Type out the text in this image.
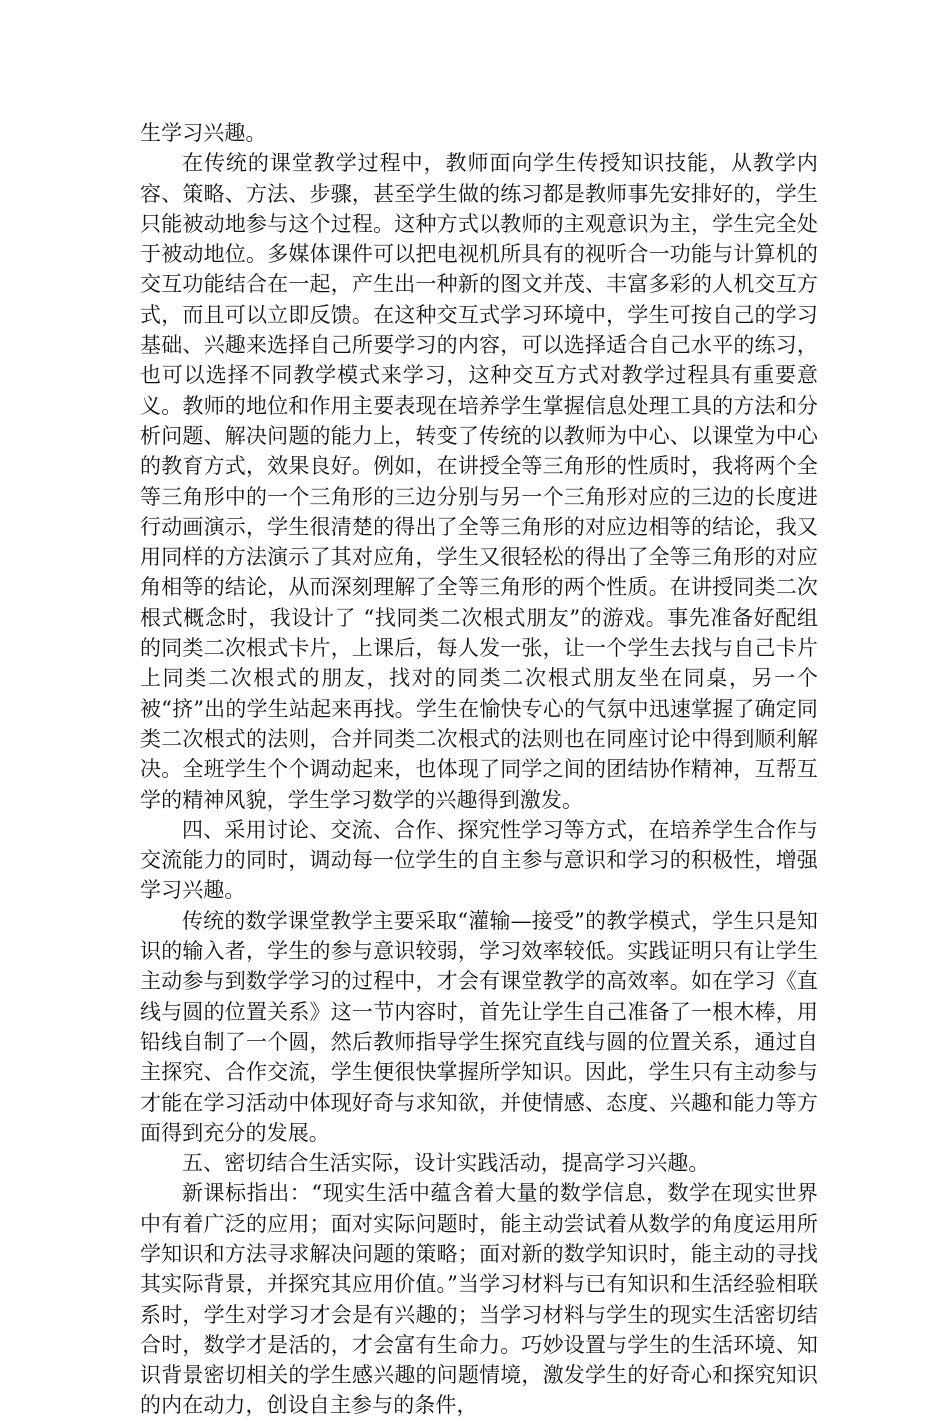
生学习兴趣。

在传统的课堂教学过程中，教师面向学生传授知识技能，从教学内容、策略、方法、步骤，甚至学生做的练习都是教师事先安排好的，学生只能被动地参与这个过程。这种方式以教师的主观意识为主，学生完全处于被动地位。多媒体课件可以把电视机所具有的视听合一功能与计算机的交互功能结合在一起，产生出一种新的图文并茂、丰富多彩的人机交互方式，而且可以立即反馈。在这种交互式学习环境中，学生可按自己的学习基础、兴趣来选择自己所要学习的内容，可以选择适合自己水平的练习，也可以选择不同教学模式来学习，这种交互方式对教学过程具有重要意义。教师的地位和作用主要表现在培养学生掌握信息处理工具的方法和分析问题、解决问题的能力上，转变了传统的以教师为中心、以课堂为中心的教育方式，效果良好。例如，在讲授全等三角形的性质时，我将两个全等三角形中的一个三角形的三边分别与另一个三角形对应的三边的长度进行动画演示，学生很清楚的得出了全等三角形的对应边相等的结论，我又用同样的方法演示了其对应角，学生又很轻松的得出了全等三角形的对应角相等的结论，从而深刻理解了全等三角形的两个性质。在讲授同类二次根式概念时，我设计了 “找同类二次根式朋友”的游戏。事先准备好配组的同类二次根式卡片，上课后，每人发一张，让一个学生去找与自己卡片上同类二次根式的朋友，找对的同类二次根式朋友坐在同桌，另一个被“挤”出的学生站起来再找。学生在愉快专心的气氛中迅速掌握了确定同类二次根式的法则，合并同类二次根式的法则也在同座讨论中得到顺利解决。全班学生个个调动起来，也体现了同学之间的团结协作精神，互帮互学的精神风貌，学生学习数学的兴趣得到激发。

四、采用讨论、交流、合作、探究性学习等方式，在培养学生合作与交流能力的同时，调动每一位学生的自主参与意识和学习的积极性，增强学习兴趣。

传统的数学课堂教学主要采取“灌输—接受”的教学模式，学生只是知识的输入者，学生的参与意识较弱，学习效率较低。实践证明只有让学生主动参与到数学学习的过程中，才会有课堂教学的高效率。如在学习《直线与圆的位置关系》这一节内容时，首先让学生自己准备了一根木棒，用铅线自制了一个圆，然后教师指导学生探究直线与圆的位置关系，通过自主探究、合作交流，学生便很快掌握所学知识。因此，学生只有主动参与才能在学习活动中体现好奇与求知欲，并使情感、态度、兴趣和能力等方面得到充分的发展。

五、密切结合生活实际，设计实践活动，提高学习兴趣。

新课标指出：“现实生活中蕴含着大量的数学信息，数学在现实世界中有着广泛的应用；面对实际问题时，能主动尝试着从数学的角度运用所学知识和方法寻求解决问题的策略；面对新的数学知识时，能主动的寻找其实际背景，并探究其应用价值。”当学习材料与已有知识和生活经验相联系时，学生对学习才会是有兴趣的；当学习材料与学生的现实生活密切结合时，数学才是活的，才会富有生命力。巧妙设置与学生的生活环境、知识背景密切相关的学生感兴趣的问题情境，激发学生的好奇心和探究知识的内在动力，创设自主参与的条件，
